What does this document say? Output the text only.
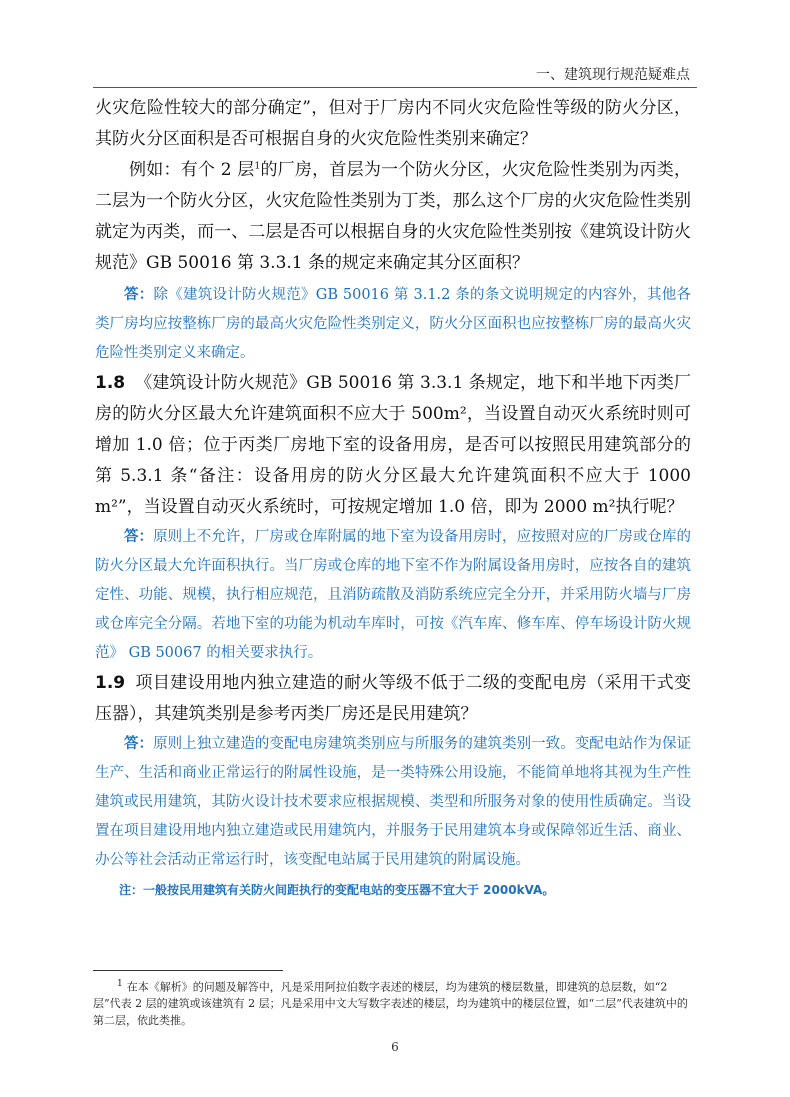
一、建筑现行规范疑难点

火灾危险性较大的部分确定”，但对于厂房内不同火灾危险性等级的防火分区，其防火分区面积是否可根据自身的火灾危险性类别来确定？

例如：有个 2 层$^1$的厂房，首层为一个防火分区，火灾危险性类别为丙类，二层为一个防火分区，火灾危险性类别为丁类，那么这个厂房的火灾危险性类别就定为丙类，而一、二层是否可以根据自身的火灾危险性类别按《建筑设计防火规范》GB 50016 第 3.3.1 条的规定来确定其分区面积？

答：除《建筑设计防火规范》GB 50016 第 3.1.2 条的条文说明规定的内容外，其他各类厂房均应按整栋厂房的最高火灾危险性类别定义，防火分区面积也应按整栋厂房的最高火灾危险性类别定义来确定。

1.8 《建筑设计防火规范》GB 50016 第 3.3.1 条规定，地下和半地下丙类厂房的防火分区最大允许建筑面积不应大于 500m²，当设置自动灭火系统时则可增加 1.0 倍；位于丙类厂房地下室的设备用房，是否可以按照民用建筑部分的第 5.3.1 条“备注：设备用房的防火分区最大允许建筑面积不应大于 1000 m²”，当设置自动灭火系统时，可按规定增加 1.0 倍，即为 2000 m²执行呢？

答：原则上不允许，厂房或仓库附属的地下室为设备用房时，应按照对应的厂房或仓库的防火分区最大允许面积执行。当厂房或仓库的地下室不作为附属设备用房时，应按各自的建筑定性、功能、规模，执行相应规范，且消防疏散及消防系统应完全分开，并采用防火墙与厂房或仓库完全分隔。若地下室的功能为机动车库时，可按《汽车库、修车库、停车场设计防火规范》 GB 50067 的相关要求执行。

1.9 项目建设用地内独立建造的耐火等级不低于二级的变配电房（采用干式变压器），其建筑类别是参考丙类厂房还是民用建筑？

答：原则上独立建造的变配电房建筑类别应与所服务的建筑类别一致。变配电站作为保证生产、生活和商业正常运行的附属性设施，是一类特殊公用设施，不能简单地将其视为生产性建筑或民用建筑，其防火设计技术要求应根据规模、类型和所服务对象的使用性质确定。当设置在项目建设用地内独立建造或民用建筑内，并服务于民用建筑本身或保障邻近生活、商业、办公等社会活动正常运行时，该变配电站属于民用建筑的附属设施。

注：一般按民用建筑有关防火间距执行的变配电站的变压器不宜大于 2000kVA。

$^1$ 在本《解析》的问题及解答中，凡是采用阿拉伯数字表述的楼层，均为建筑的楼层数量，即建筑的总层数，如“2 层”代表 2 层的建筑或该建筑有 2 层；凡是采用中文大写数字表述的楼层，均为建筑中的楼层位置，如“二层”代表建筑中的第二层，依此类推。

6
